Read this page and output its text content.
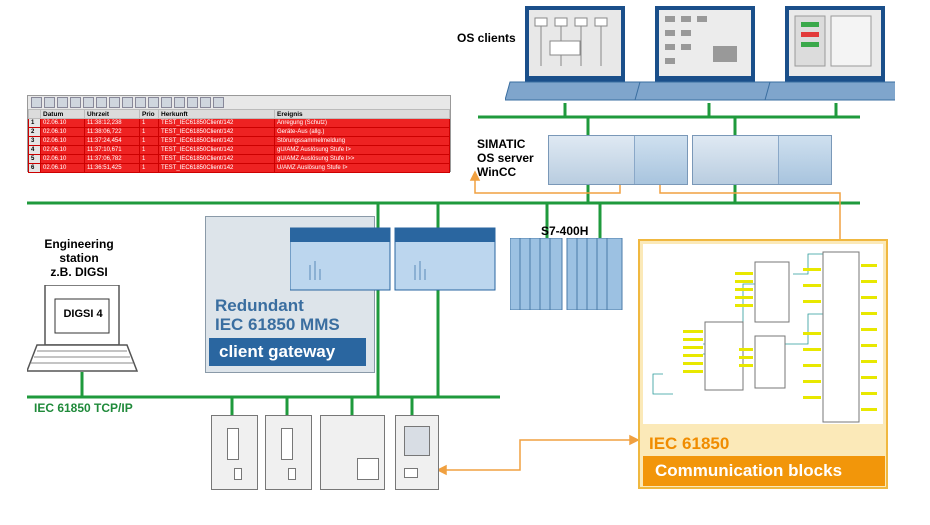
OS clients
	Datum	Uhrzeit	Prio	Herkunft	Ereignis
1	02.06.10	11:38:12,238	1	TEST_IEC61850Client/142	Anregung (Schutz)
2	02.06.10	11:38:06,722	1	TEST_IEC61850Client/142	Geräte-Aus (allg.)
3	02.06.10	11:37:24,454	1	TEST_IEC61850Client/142	Störungssammelmeldung
4	02.06.10	11:37:10,671	1	TEST_IEC61850Client/142	gU/AMZ Auslösung Stufe I>
5	02.06.10	11:37:06,782	1	TEST_IEC61850Client/142	gU/AMZ Auslösung Stufe I>>
6	02.06.10	11:36:51,425	1	TEST_IEC61850Client/142	U/AMZ Auslösung Stufe I>
SIMATIC
OS server
WinCC
S7-400H
Redundant
IEC 61850 MMS
client gateway
Engineering
station
z.B. DIGSI
DIGSI 4
IEC 61850 TCP/IP
IEC 61850
Communication blocks
